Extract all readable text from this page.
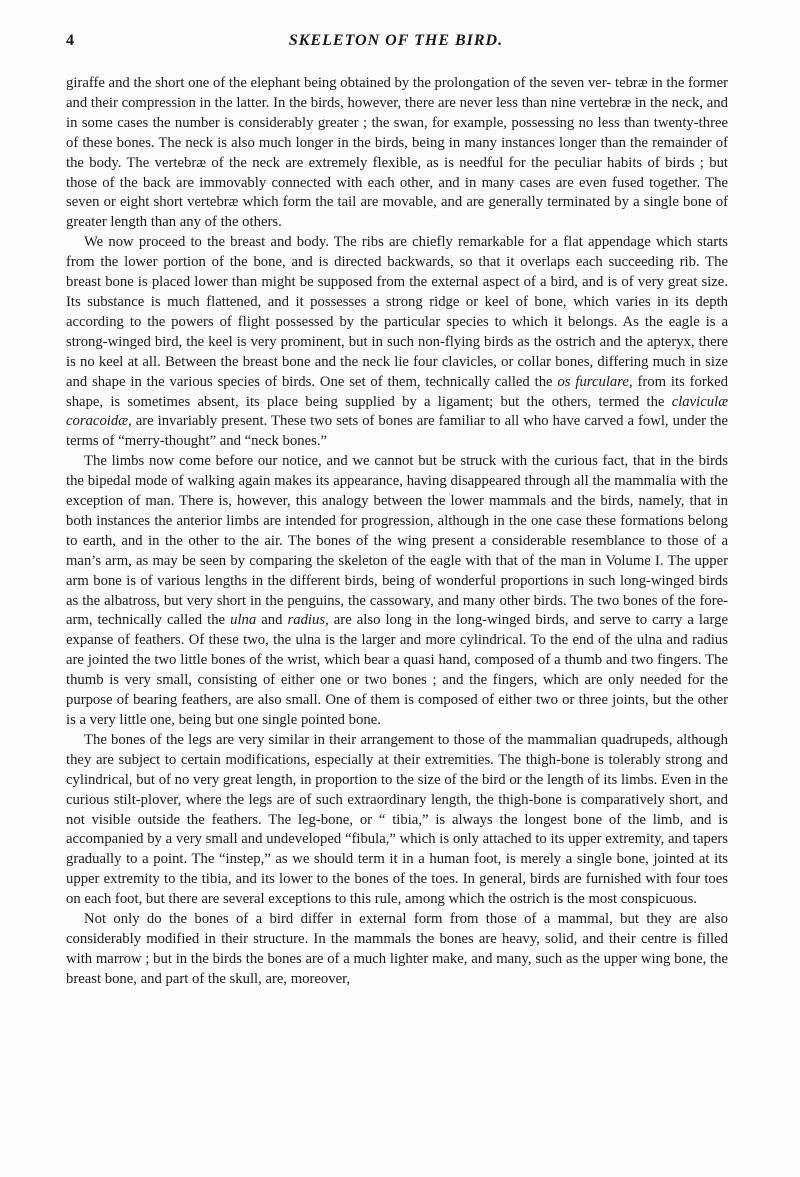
4	SKELETON OF THE BIRD.

giraffe and the short one of the elephant being obtained by the prolongation of the seven ver- tebræ in the former and their compression in the latter. In the birds, however, there are never less than nine vertebræ in the neck, and in some cases the number is considerably greater ; the swan, for example, possessing no less than twenty-three of these bones. The neck is also much longer in the birds, being in many instances longer than the remainder of the body. The vertebræ of the neck are extremely flexible, as is needful for the peculiar habits of birds ; but those of the back are immovably connected with each other, and in many cases are even fused together. The seven or eight short vertebræ which form the tail are movable, and are generally terminated by a single bone of greater length than any of the others.

We now proceed to the breast and body. The ribs are chiefly remarkable for a flat appendage which starts from the lower portion of the bone, and is directed backwards, so that it overlaps each succeeding rib. The breast bone is placed lower than might be supposed from the external aspect of a bird, and is of very great size. Its substance is much flattened, and it possesses a strong ridge or keel of bone, which varies in its depth according to the powers of flight possessed by the particular species to which it belongs. As the eagle is a strong-winged bird, the keel is very prominent, but in such non-flying birds as the ostrich and the apteryx, there is no keel at all. Between the breast bone and the neck lie four clavicles, or collar bones, differing much in size and shape in the various species of birds. One set of them, technically called the os furculare, from its forked shape, is sometimes absent, its place being supplied by a ligament; but the others, termed the claviculæ coracoidæ, are invariably present. These two sets of bones are familiar to all who have carved a fowl, under the terms of “merry-thought” and “neck bones.”

The limbs now come before our notice, and we cannot but be struck with the curious fact, that in the birds the bipedal mode of walking again makes its appearance, having disappeared through all the mammalia with the exception of man. There is, however, this analogy between the lower mammals and the birds, namely, that in both instances the anterior limbs are intended for progression, although in the one case these formations belong to earth, and in the other to the air. The bones of the wing present a considerable resemblance to those of a man’s arm, as may be seen by comparing the skeleton of the eagle with that of the man in Volume I. The upper arm bone is of various lengths in the different birds, being of wonderful proportions in such long-winged birds as the albatross, but very short in the penguins, the cassowary, and many other birds. The two bones of the fore-arm, technically called the ulna and radius, are also long in the long-winged birds, and serve to carry a large expanse of feathers. Of these two, the ulna is the larger and more cylindrical. To the end of the ulna and radius are jointed the two little bones of the wrist, which bear a quasi hand, composed of a thumb and two fingers. The thumb is very small, consisting of either one or two bones ; and the fingers, which are only needed for the purpose of bearing feathers, are also small. One of them is composed of either two or three joints, but the other is a very little one, being but one single pointed bone.

The bones of the legs are very similar in their arrangement to those of the mammalian quadrupeds, although they are subject to certain modifications, especially at their extremities. The thigh-bone is tolerably strong and cylindrical, but of no very great length, in proportion to the size of the bird or the length of its limbs. Even in the curious stilt-plover, where the legs are of such extraordinary length, the thigh-bone is comparatively short, and not visible outside the feathers. The leg-bone, or “ tibia,” is always the longest bone of the limb, and is accompanied by a very small and undeveloped “fibula,” which is only attached to its upper extremity, and tapers gradually to a point. The “instep,” as we should term it in a human foot, is merely a single bone, jointed at its upper extremity to the tibia, and its lower to the bones of the toes. In general, birds are furnished with four toes on each foot, but there are several exceptions to this rule, among which the ostrich is the most conspicuous.

Not only do the bones of a bird differ in external form from those of a mammal, but they are also considerably modified in their structure. In the mammals the bones are heavy, solid, and their centre is filled with marrow ; but in the birds the bones are of a much lighter make, and many, such as the upper wing bone, the breast bone, and part of the skull, are, moreover,
